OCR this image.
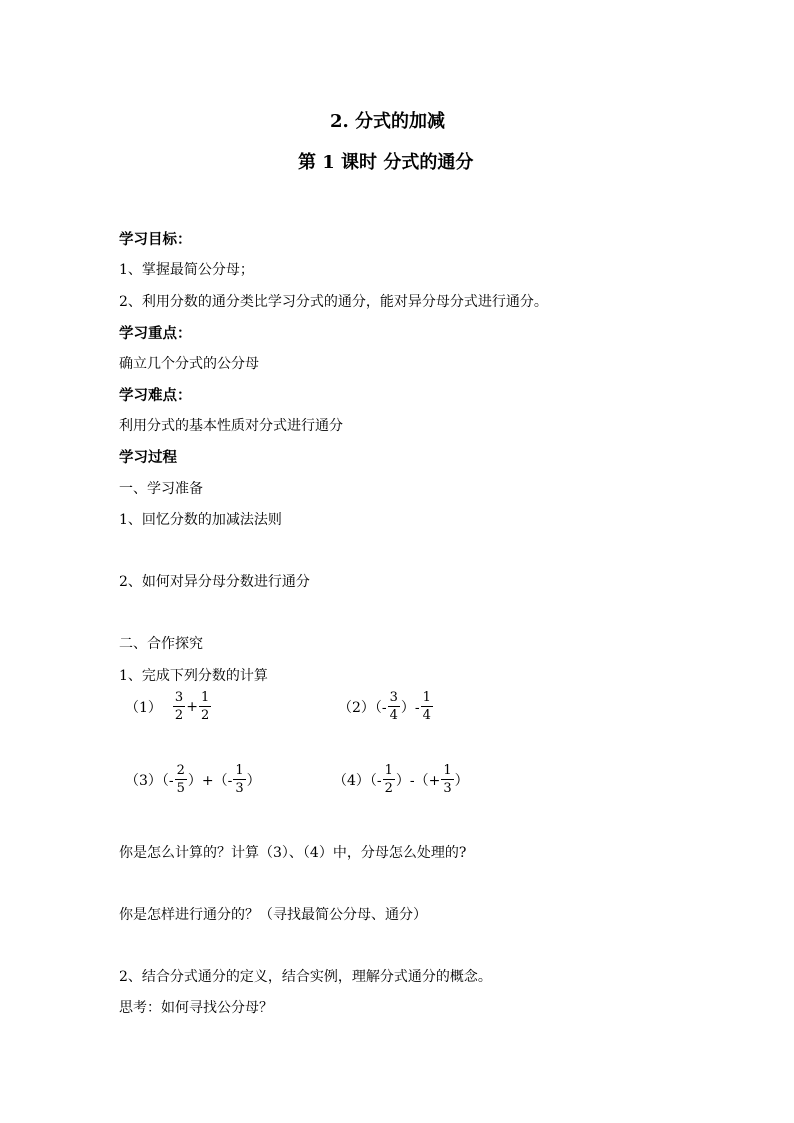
2. 分式的加减
第 1 课时 分式的通分
学习目标：
1、掌握最简公分母；
2、利用分数的通分类比学习分式的通分，能对异分母分式进行通分。
学习重点：
确立几个分式的公分母
学习难点：
利用分式的基本性质对分式进行通分
学习过程
一、学习准备
1、回忆分数的加减法法则
2、如何对异分母分数进行通分
二、合作探究
1、完成下列分数的计算
$(1) \frac{3}{2} + \frac{1}{2}$	$(2)(- \frac{3}{4}$ ）- $\frac{1}{4}$
$(3)(- \frac{2}{5}$ ）+（- $\frac{1}{3}$ ）	$(4)(- \frac{1}{2}$ ）-（+ $\frac{1}{3}$ ）
你是怎么计算的？计算（3）、（4）中，分母怎么处理的?
你是怎样进行通分的？（寻找最简公分母、通分）
2、结合分式通分的定义，结合实例，理解分式通分的概念。
思考：如何寻找公分母？
